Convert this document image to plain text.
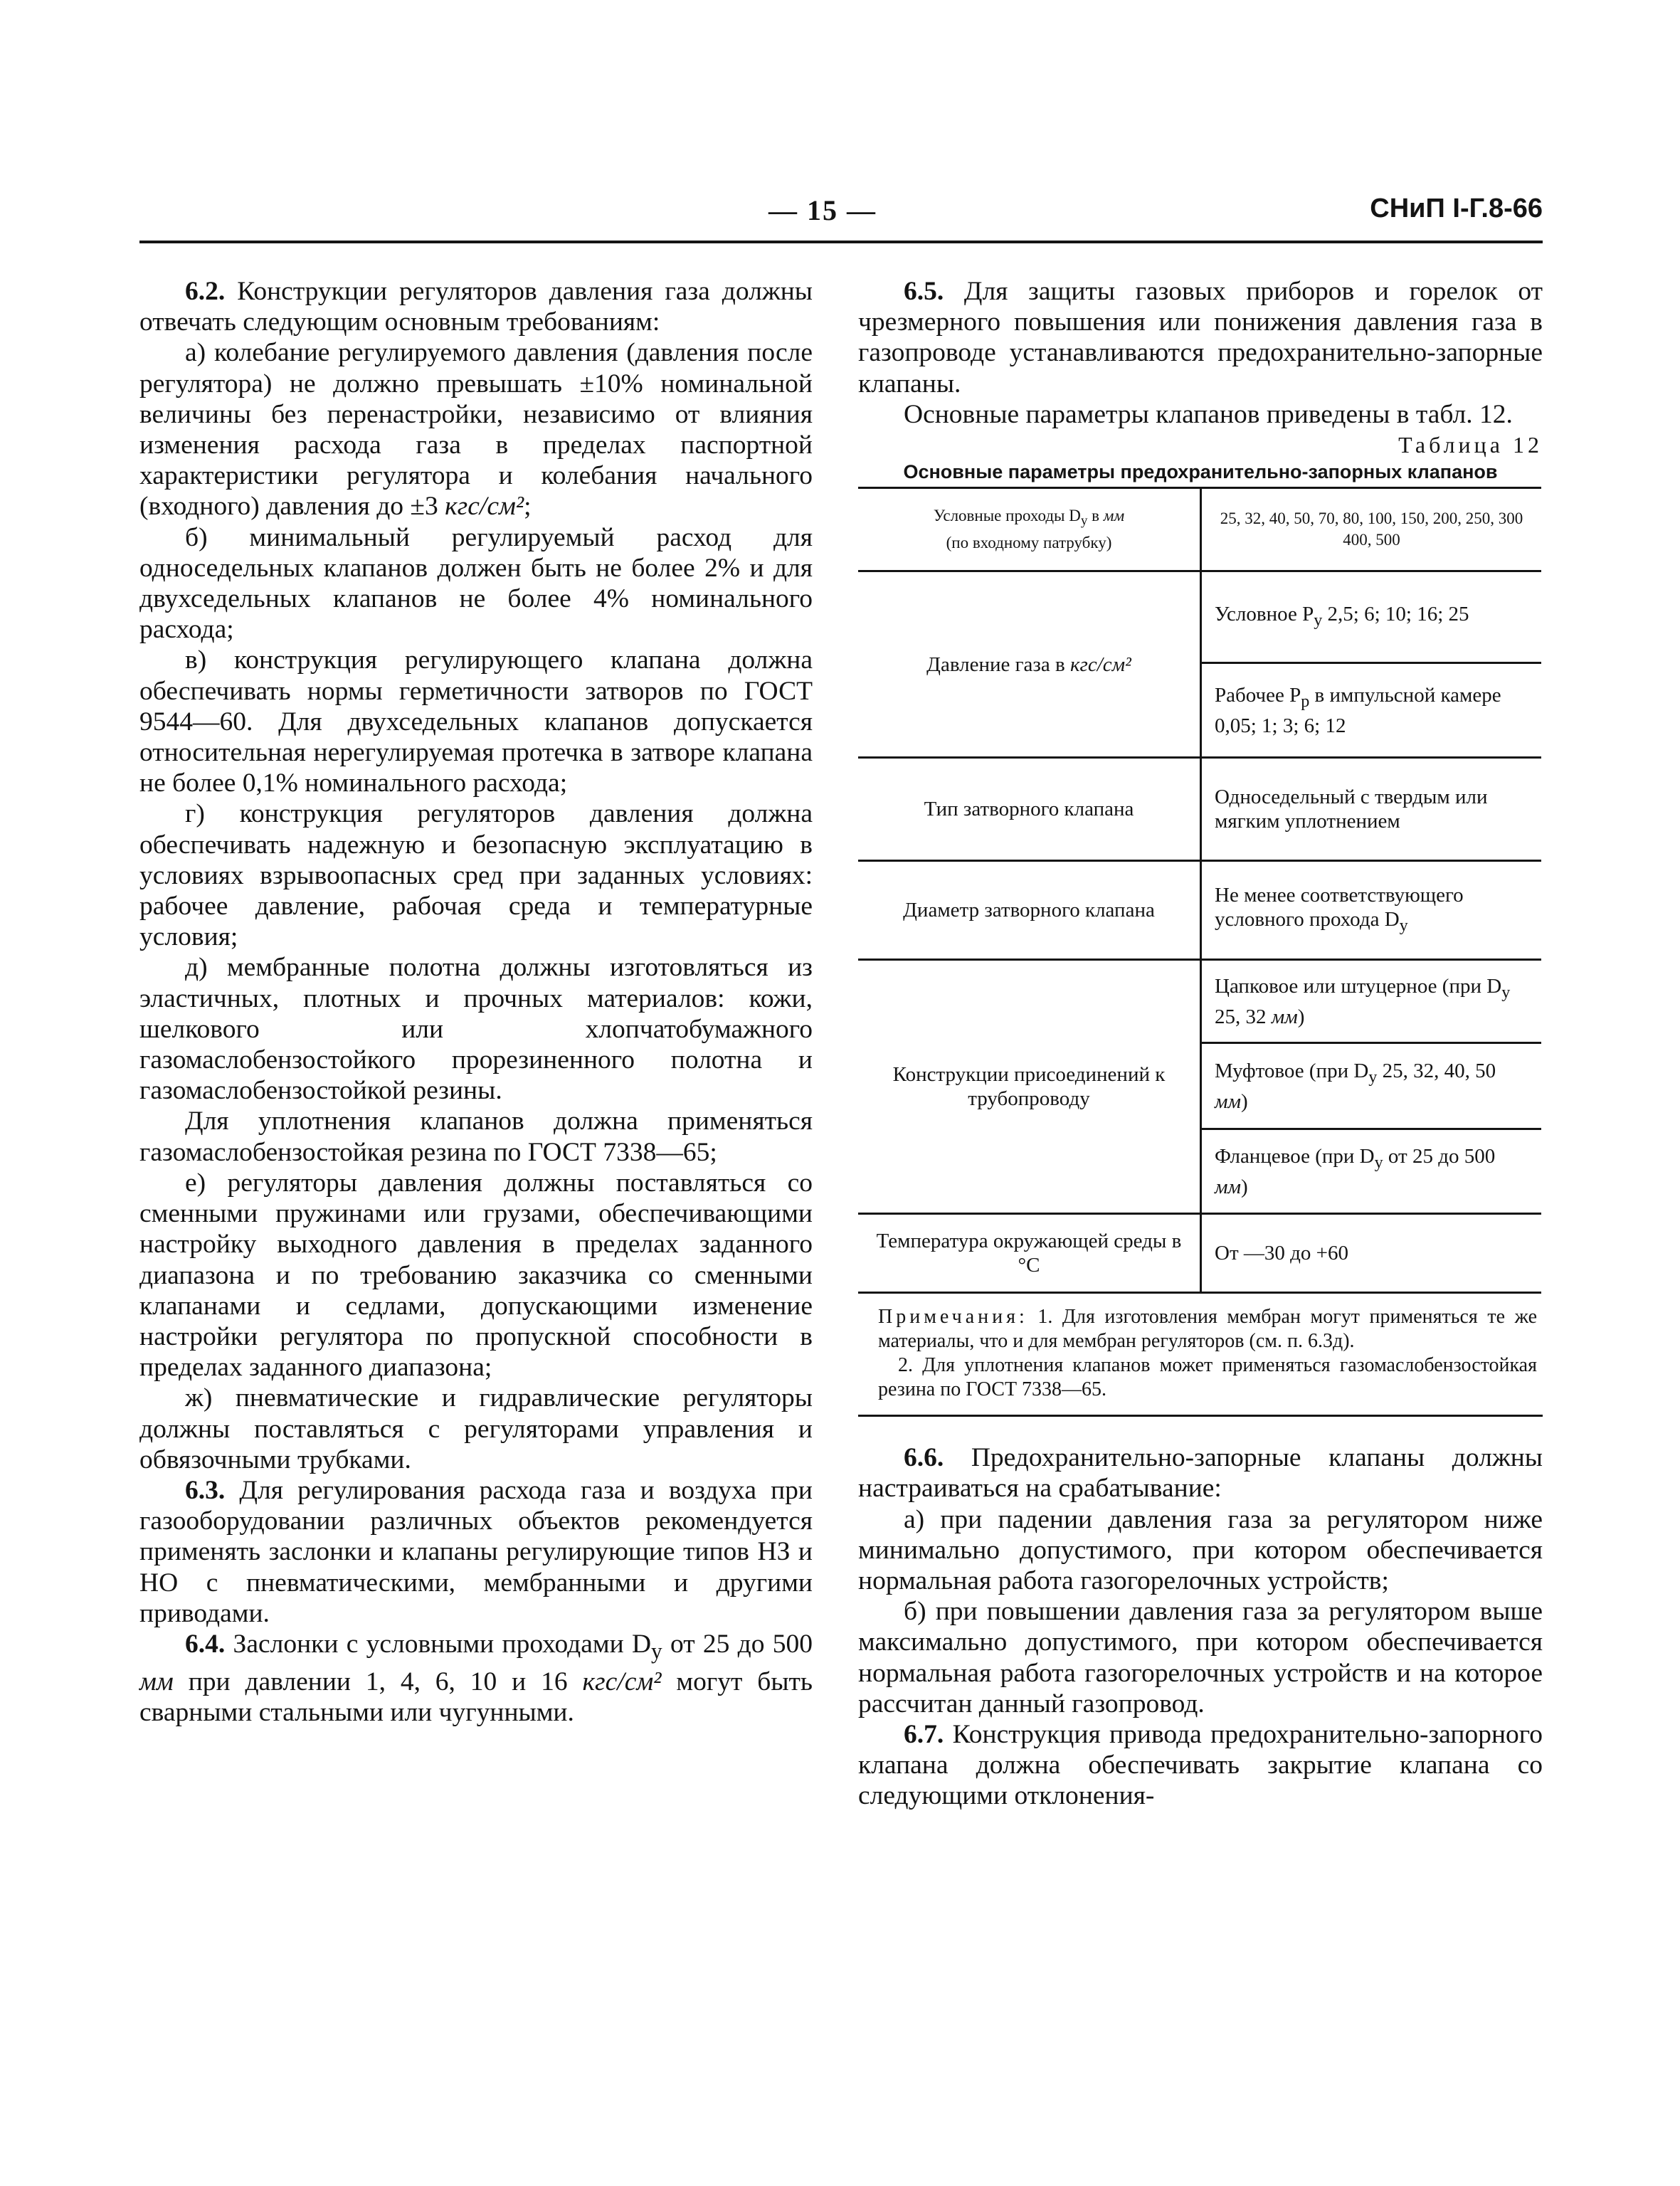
— 15 —	СНиП I-Г.8-66

6.2. Конструкции регуляторов давления газа должны отвечать следующим основным требованиям:

а) колебание регулируемого давления (давления после регулятора) не должно превышать ±10% номинальной величины без перенастройки, независимо от влияния изменения расхода газа в пределах паспортной характеристики регулятора и колебания начального (входного) давления до ±3 кгс/см²;

б) минимальный регулируемый расход для односедельных клапанов должен быть не более 2% и для двухседельных клапанов не более 4% номинального расхода;

в) конструкция регулирующего клапана должна обеспечивать нормы герметичности затворов по ГОСТ 9544—60. Для двухседельных клапанов допускается относительная нерегулируемая протечка в затворе клапана не более 0,1% номинального расхода;

г) конструкция регуляторов давления должна обеспечивать надежную и безопасную эксплуатацию в условиях взрывоопасных сред при заданных условиях: рабочее давление, рабочая среда и температурные условия;

д) мембранные полотна должны изготовляться из эластичных, плотных и прочных материалов: кожи, шелкового или хлопчатобумажного газомаслобензостойкого прорезиненного полотна и газомаслобензостойкой резины.

Для уплотнения клапанов должна применяться газомаслобензостойкая резина по ГОСТ 7338—65;

е) регуляторы давления должны поставляться со сменными пружинами или грузами, обеспечивающими настройку выходного давления в пределах заданного диапазона и по требованию заказчика со сменными клапанами и седлами, допускающими изменение настройки регулятора по пропускной способности в пределах заданного диапазона;

ж) пневматические и гидравлические регуляторы должны поставляться с регуляторами управления и обвязочными трубками.

6.3. Для регулирования расхода газа и воздуха при газооборудовании различных объектов рекомендуется применять заслонки и клапаны регулирующие типов НЗ и НО с пневматическими, мембранными и другими приводами.

6.4. Заслонки с условными проходами $D_у$ от 25 до 500 мм при давлении 1, 4, 6, 10 и 16 кгс/см² могут быть сварными стальными или чугунными.

6.5. Для защиты газовых приборов и горелок от чрезмерного повышения или понижения давления газа в газопроводе устанавливаются предохранительно-запорные клапаны.

Основные параметры клапанов приведены в табл. 12.

Таблица 12

Основные параметры предохранительно-запорных клапанов

Условные проходы $D_у$ в мм
(по входному патрубку)	25, 32, 40, 50, 70, 80, 100, 150, 200, 250, 300 400, 500
Давление газа в кгс/см²	Условное $P_у$ 2,5; 6; 10; 16; 25
	Рабочее $P_р$ в импульсной камере 0,05; 1; 3; 6; 12
Тип затворного клапана	Односедельный с твердым или мягким уплотнением
Диаметр затворного клапана	Не менее соответствующего условного прохода $D_у$
Конструкции присоединений к трубопроводу	Цапковое или штуцерное (при $D_у$ 25, 32 мм)
	Муфтовое (при $D_у$ 25, 32, 40, 50 мм)
	Фланцевое (при $D_у$ от 25 до 500 мм)
Температура окружающей среды в °С	От —30 до +60

Примечания: 1. Для изготовления мембран могут применяться те же материалы, что и для мембран регуляторов (см. п. 6.3д).

2. Для уплотнения клапанов может применяться газомаслобензостойкая резина по ГОСТ 7338—65.

6.6. Предохранительно-запорные клапаны должны настраиваться на срабатывание:

а) при падении давления газа за регулятором ниже минимально допустимого, при котором обеспечивается нормальная работа газогорелочных устройств;

б) при повышении давления газа за регулятором выше максимально допустимого, при котором обеспечивается нормальная работа газогорелочных устройств и на которое рассчитан данный газопровод.

6.7. Конструкция привода предохранительно-запорного клапана должна обеспечивать закрытие клапана со следующими отклонения-
